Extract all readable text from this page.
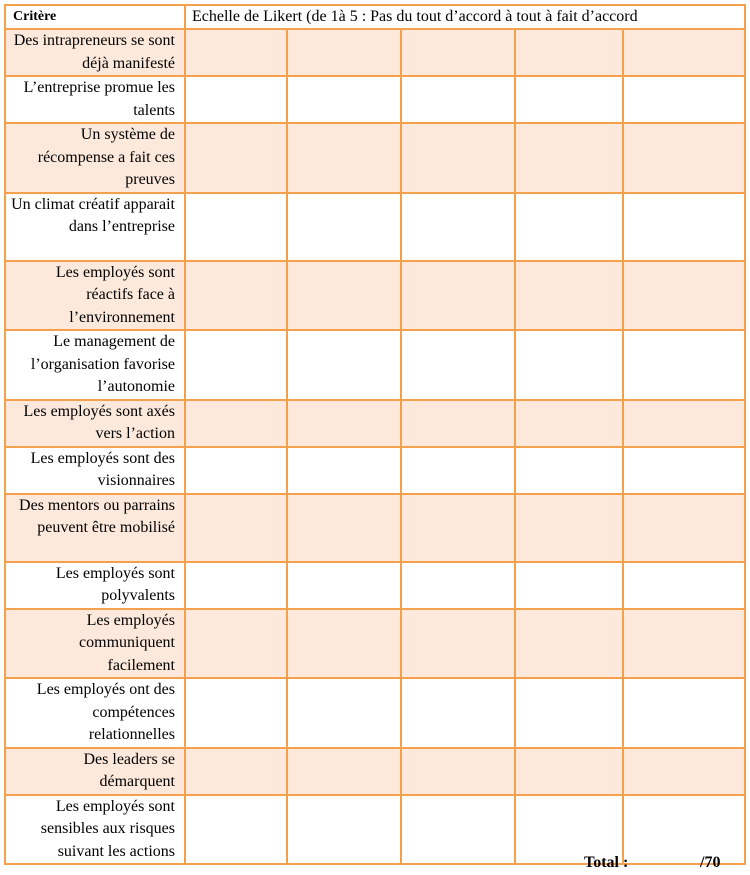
Critère	Echelle de Likert (de 1à 5 : Pas du tout d’accord à tout à fait d’accord				
Des intrapreneurs se sont déjà manifesté					
L’entreprise promue les talents					
Un système de récompense a fait ces preuves					
Un climat créatif apparait dans l’entreprise					
Les employés sont réactifs face à l’environnement					
Le management de l’organisation favorise l’autonomie					
Les employés sont axés vers l’action					
Les employés sont des visionnaires					
Des mentors ou parrains peuvent être mobilisé					
Les employés sont polyvalents					
Les employés communiquent facilement					
Les employés ont des compétences relationnelles					
Des leaders se démarquent					
Les employés sont sensibles aux risques suivant les actions					
Total :	/70
